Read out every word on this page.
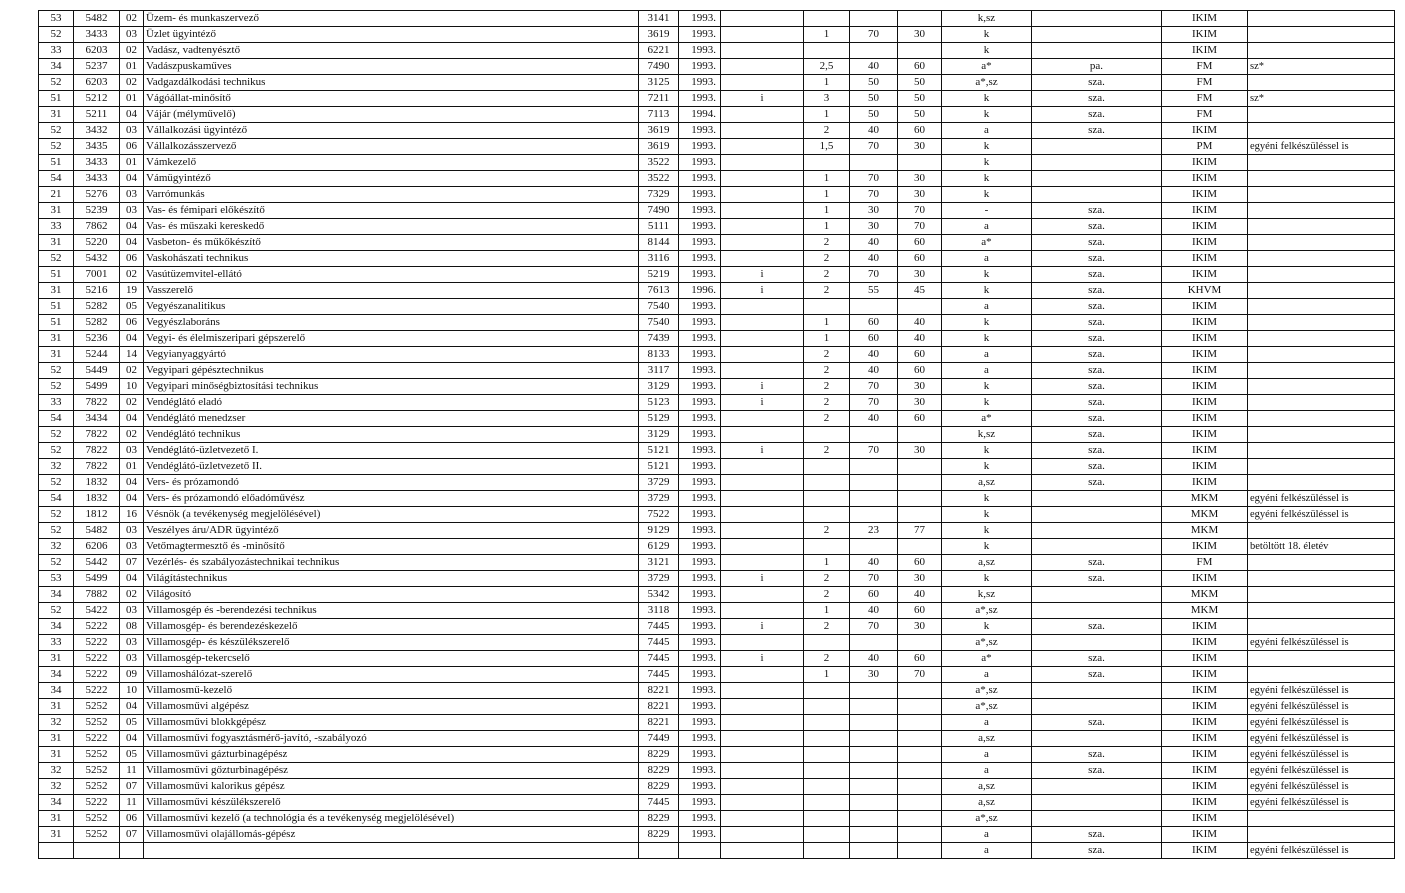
53	5482	02	Üzem- és munkaszervező	3141	1993.					k,sz		IKIM	
52	3433	03	Üzlet ügyintéző	3619	1993.		1	70	30	k		IKIM	
33	6203	02	Vadász, vadtenyésztő	6221	1993.					k		IKIM	
34	5237	01	Vadászpuskaműves	7490	1993.		2,5	40	60	a*	pa.	FM	sz*
52	6203	02	Vadgazdálkodási technikus	3125	1993.		1	50	50	a*,sz	sza.	FM	
51	5212	01	Vágóállat-minősítő	7211	1993.	i	3	50	50	k	sza.	FM	sz*
31	5211	04	Vájár (mélyművelő)	7113	1994.		1	50	50	k	sza.	FM	
52	3432	03	Vállalkozási ügyintéző	3619	1993.		2	40	60	a	sza.	IKIM	
52	3435	06	Vállalkozásszervező	3619	1993.		1,5	70	30	k		PM	egyéni felkészüléssel is
51	3433	01	Vámkezelő	3522	1993.					k		IKIM	
54	3433	04	Vámügyintéző	3522	1993.		1	70	30	k		IKIM	
21	5276	03	Varrómunkás	7329	1993.		1	70	30	k		IKIM	
31	5239	03	Vas- és fémipari előkészítő	7490	1993.		1	30	70	-	sza.	IKIM	
33	7862	04	Vas- és műszaki kereskedő	5111	1993.		1	30	70	a	sza.	IKIM	
31	5220	04	Vasbeton- és műkőkészítő	8144	1993.		2	40	60	a*	sza.	IKIM	
52	5432	06	Vaskohászati technikus	3116	1993.		2	40	60	a	sza.	IKIM	
51	7001	02	Vasútüzemvitel-ellátó	5219	1993.	i	2	70	30	k	sza.	IKIM	
31	5216	19	Vasszerelő	7613	1996.	i	2	55	45	k	sza.	KHVM	
51	5282	05	Vegyészanalitikus	7540	1993.					a	sza.	IKIM	
51	5282	06	Vegyészlaboráns	7540	1993.		1	60	40	k	sza.	IKIM	
31	5236	04	Vegyi- és élelmiszeripari gépszerelő	7439	1993.		1	60	40	k	sza.	IKIM	
31	5244	14	Vegyianyaggyártó	8133	1993.		2	40	60	a	sza.	IKIM	
52	5449	02	Vegyipari gépésztechnikus	3117	1993.		2	40	60	a	sza.	IKIM	
52	5499	10	Vegyipari minőségbiztosítási technikus	3129	1993.	i	2	70	30	k	sza.	IKIM	
33	7822	02	Vendéglátó eladó	5123	1993.	i	2	70	30	k	sza.	IKIM	
54	3434	04	Vendéglátó menedzser	5129	1993.		2	40	60	a*	sza.	IKIM	
52	7822	02	Vendéglátó technikus	3129	1993.					k,sz	sza.	IKIM	
52	7822	03	Vendéglátó-üzletvezető I.	5121	1993.	i	2	70	30	k	sza.	IKIM	
32	7822	01	Vendéglátó-üzletvezető II.	5121	1993.					k	sza.	IKIM	
52	1832	04	Vers- és prózamondó	3729	1993.					a,sz	sza.	IKIM	
54	1832	04	Vers- és prózamondó előadóművész	3729	1993.					k		MKM	egyéni felkészüléssel is
52	1812	16	Vésnök (a tevékenység megjelölésével)	7522	1993.					k		MKM	egyéni felkészüléssel is
52	5482	03	Veszélyes áru/ADR ügyintéző	9129	1993.		2	23	77	k		MKM	
32	6206	03	Vetőmagtermesztő és -minősítő	6129	1993.					k		IKIM	betöltött 18. életév
52	5442	07	Vezérlés- és szabályozástechnikai technikus	3121	1993.		1	40	60	a,sz	sza.	FM	
53	5499	04	Világítástechnikus	3729	1993.	i	2	70	30	k	sza.	IKIM	
34	7882	02	Világosító	5342	1993.		2	60	40	k,sz		MKM	
52	5422	03	Villamosgép és -berendezési technikus	3118	1993.		1	40	60	a*,sz		MKM	
34	5222	08	Villamosgép- és berendezéskezelő	7445	1993.	i	2	70	30	k	sza.	IKIM	
33	5222	03	Villamosgép- és készülékszerelő	7445	1993.					a*,sz		IKIM	egyéni felkészüléssel is
31	5222	03	Villamosgép-tekercselő	7445	1993.	i	2	40	60	a*	sza.	IKIM	
34	5222	09	Villamoshálózat-szerelő	7445	1993.		1	30	70	a	sza.	IKIM	
34	5222	10	Villamosmű-kezelő	8221	1993.					a*,sz		IKIM	egyéni felkészüléssel is
31	5252	04	Villamosművi algépész	8221	1993.					a*,sz		IKIM	egyéni felkészüléssel is
32	5252	05	Villamosművi blokkgépész	8221	1993.					a	sza.	IKIM	egyéni felkészüléssel is
31	5222	04	Villamosművi fogyasztásmérő-javító, -szabályozó	7449	1993.					a,sz		IKIM	egyéni felkészüléssel is
31	5252	05	Villamosművi gázturbinagépész	8229	1993.					a	sza.	IKIM	egyéni felkészüléssel is
32	5252	11	Villamosművi gőzturbinagépész	8229	1993.					a	sza.	IKIM	egyéni felkészüléssel is
32	5252	07	Villamosművi kalorikus gépész	8229	1993.					a,sz		IKIM	egyéni felkészüléssel is
34	5222	11	Villamosművi készülékszerelő	7445	1993.					a,sz		IKIM	egyéni felkészüléssel is
31	5252	06	Villamosművi kezelő (a technológia és a tevékenység megjelölésével)	8229	1993.					a*,sz		IKIM	
31	5252	07	Villamosművi olajállomás-gépész	8229	1993.					a	sza.	IKIM	
										a	sza.	IKIM	egyéni felkészüléssel is
